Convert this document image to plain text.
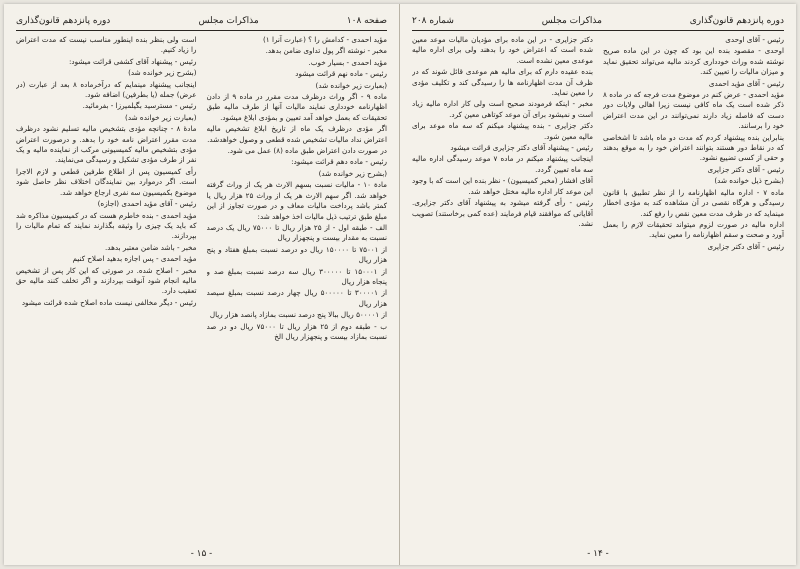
صفحه ۱۰۸
مذاکرات مجلس
دوره پانزدهم قانون‌گذاری

مؤید احمدی - کدامش را ؟ (عبارت آنرا ۱)

مخبر - نوشته اگر پول تداوی ضامن بدهد.

مؤید احمدی - بسیار خوب.

رئیس - ماده نهم قرائت میشود

(بعبارت زیر خوانده شد)

ماده ۹ - اگر وراث درظرف مدت مقرر در ماده ۹ از دادن اظهارنامه خودداری نمایند مالیات آنها از طرف مالیه طبق تحقیقات که بعمل خواهد آمد تعیین و بمؤدی ابلاغ میشود.

اگر مؤدی درظرف یک ماه از تاریخ ابلاغ تشخیص مالیه اعتراض نداد مالیات تشخیص شده قطعی و وصول خواهدشد.

در صورت دادن اعتراض طبق ماده (۸) عمل می شود.

رئیس - ماده دهم قرائت میشود:

(بشرح زیر خوانده شد)

مادة ۱۰ - مالیات نسبت بسهم الارث هر یک از وراث گرفته خواهد شد. اگر سهم الارث هر یک از وراث ۲۵ هزار ریال یا کمتر باشد پرداخت مالیات معاف و در صورت تجاوز از این مبلغ طبق ترتیب ذیل مالیات اخذ خواهد شد:

الف - طبقه اول - از ۲۵ هزار ریال تا ۷۵۰۰۰ ریال یک درصد نسبت به مقدار بیست و پنجهزار ریال

از ۷۵۰۰۱ تا ۱۵۰۰۰۰ ریال دو درصد نسبت بمبلغ هفتاد و پنج هزار ریال

از ۱۵۰۰۰۱ تا ۳۰۰۰۰۰ ریال سه درصد نسبت بمبلغ صد و پنجاه هزار ریال

از ۳۰۰۰۰۱ تا ۵۰۰۰۰۰ ریال چهار درصد نسبت بمبلغ سیصد هزار ریال

از ۵۰۰۰۰۱ ریال ببالا پنج درصد نسبت بمازاد پانصد هزار ریال

ب - طبقه دوم از ۲۵ هزار ریال تا ۷۵۰۰۰ ریال دو در صد نسبت بمازاد بیست و پنجهزار ریال الخ

است ولی بنظر بنده اینطور مناسب نیست که مدت اعتراض را زیاد کنیم.

رئیس - پیشنهاد آقای کشفی قرائت میشود:

(بشرح زیر خوانده شد)

اینجانب پیشنهاد مینمایم که درآخرماده ۸ بعد از عبارت (در عرض) جمله (یا بطرفین) اضافه شود.

رئیس - مسترسید بگیلمیرزا - بفرمائید.

(بعبارت زیر خوانده شد)

مادهٔ ۸ - چنانچه مؤدی بتشخیص مالیه تسلیم نشود درظرف مدت مقرر اعتراض نامه خود را بدهد. و درصورت اعتراض مؤدی بتشخیص مالیه کمیسیونی مرکب از نماینده مالیه و یک نفر از طرف مؤدی تشکیل و رسیدگی می‌نمایند.

رأی کمیسیون پس از اطلاع طرفین قطعی و لازم الاجرا است. اگر درموارد بین نمایندگان اختلاف نظر حاصل شود موضوع بکمیسیون سه نفری ارجاع خواهد شد.

رئیس - آقای مؤید احمدی (اجازه)

مؤید احمدی - بنده خاطرم هست که در کمیسیون مذاکره شد که باید یک چیزی را وثیقه بگذارند نمایند که تمام مالیات را بپردازند.

مخبر - باشد ضامن معتبر بدهد.

مؤید احمدی - پس اجازه بدهید اصلاح کنیم

مخبر - اصلاح شده. در صورتی که این کار پس از تشخیص مالیه انجام شود آنوقت بپردازند و اگر تخلف کنند مالیه حق تعقیب دارد.

رئیس - دیگر مخالفی نیست ماده اصلاح شده قرائت میشود

- ۱۵ -
دوره پانزدهم قانون‌گذاری
مذاکرات مجلس
شماره ۲۰۸

رئیس - آقای اوحدی

اوحدی - مقصود بنده این بود که چون در این ماده صریح نوشته شده وراث خودداری کردند مالیه می‌تواند تحقیق نماید و میزان مالیات را تعیین کند.

رئیس - آقای مؤید احمدی

مؤید احمدی - عرض کنم در موضوع مدت فرجه که در ماده ۸ ذکر شده است یک ماه کافی نیست زیرا اهالی ولایات دور دست که فاصله زیاد دارند نمی‌توانند در این مدت اعتراض خود را برسانند.

بنابراین بنده پیشنهاد کردم که مدت دو ماه باشد تا اشخاصی که در نقاط دور هستند بتوانند اعتراض خود را به موقع بدهند و حقی از کسی تضییع نشود.

رئیس - آقای دکتر جزایری

(بشرح ذیل خوانده شد)

ماده ۷ - اداره مالیه اظهارنامه را از نظر تطبیق با قانون رسیدگی و هرگاه نقصی در آن مشاهده کند به مؤدی اخطار مینماید که در ظرف مدت معین نقص را رفع کند.

اداره مالیه در صورت لزوم میتواند تحقیقات لازم را بعمل آورد و صحت و سقم اظهارنامه را معین نماید.

رئیس - آقای دکتر جزایری

دکتر جزایری - در این ماده برای مؤدیان مالیات موعد معین شده است که اعتراض خود را بدهند ولی برای اداره مالیه موعدی معین نشده است.

بنده عقیده دارم که برای مالیه هم موعدی قائل شوند که در ظرف آن مدت اظهارنامه ها را رسیدگی کند و تکلیف مؤدی را معین نماید.

مخبر - اینکه فرمودند صحیح است ولی کار اداره مالیه زیاد است و نمیشود برای آن موعد کوتاهی معین کرد.

دکتر جزایری - بنده پیشنهاد میکنم که سه ماه موعد برای مالیه معین شود.

رئیس - پیشنهاد آقای دکتر جزایری قرائت میشود

اینجانب پیشنهاد میکنم در ماده ۷ موعد رسیدگی اداره مالیه سه ماه تعیین گردد.

آقای افشار (مخبر کمیسیون) - نظر بنده این است که با وجود این موعد کار اداره مالیه مختل خواهد شد.

رئیس - رأی گرفته میشود به پیشنهاد آقای دکتر جزایری. آقایانی که موافقند قیام فرمایند (عده کمی برخاستند) تصویب نشد.

- ۱۴ -
